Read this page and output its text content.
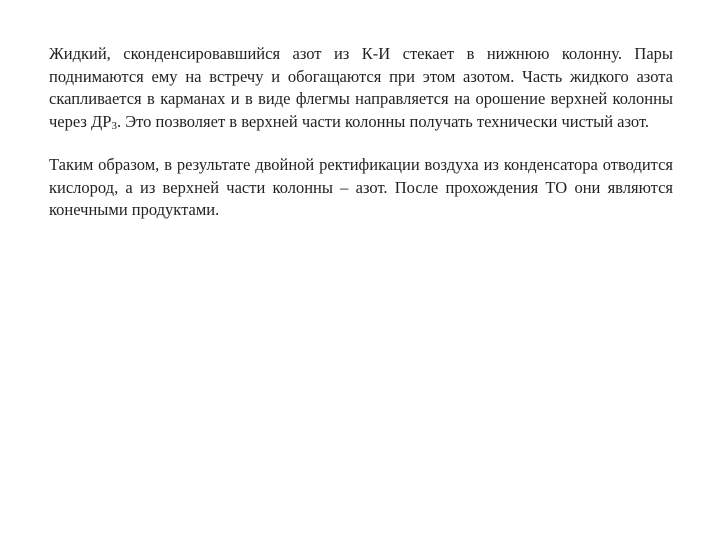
Жидкий, сконденсировавшийся азот из К-И стекает в нижнюю колонну. Пары поднимаются ему на встречу и обогащаются при этом азотом. Часть жидкого азота скапливается в карманах и в виде флегмы направляется на орошение верхней колонны через $ДР_3$. Это позволяет в верхней части колонны получать технически чистый азот.

Таким образом, в результате двойной ректификации воздуха из конденсатора отводится кислород, а из верхней части колонны – азот. После прохождения ТО они являются конечными продуктами.
